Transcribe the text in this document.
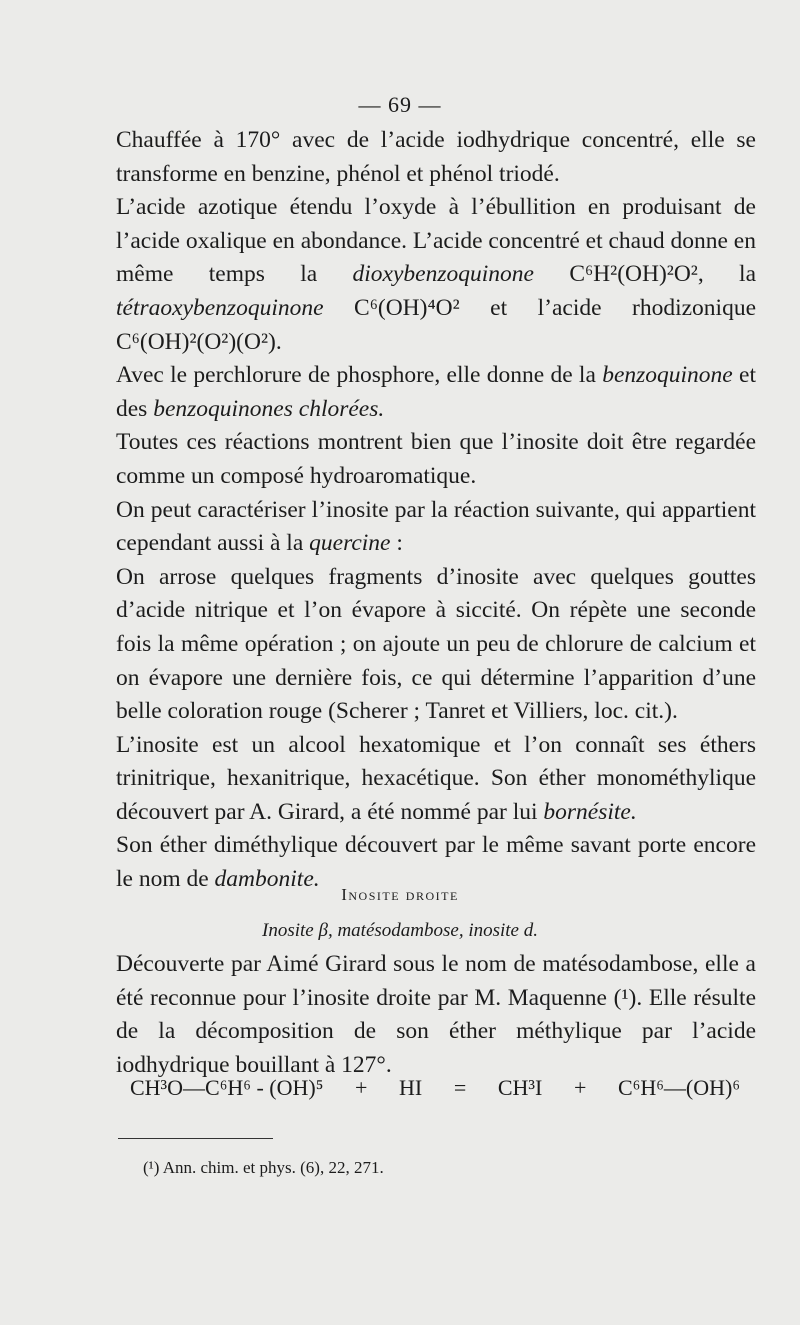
— 69 —

Chauffée à 170° avec de l’acide iodhydrique concentré, elle se transforme en benzine, phénol et phénol triodé.

L’acide azotique étendu l’oxyde à l’ébullition en produisant de l’acide oxalique en abondance. L’acide concentré et chaud donne en même temps la dioxybenzoquinone C⁶H²(OH)²O², la tétraoxybenzoquinone C⁶(OH)⁴O² et l’acide rhodizonique C⁶(OH)²(O²)(O²).

Avec le perchlorure de phosphore, elle donne de la benzoquinone et des benzoquinones chlorées.

Toutes ces réactions montrent bien que l’inosite doit être regardée comme un composé hydroaromatique.

On peut caractériser l’inosite par la réaction suivante, qui appartient cependant aussi à la quercine :

On arrose quelques fragments d’inosite avec quelques gouttes d’acide nitrique et l’on évapore à siccité. On répète une seconde fois la même opération ; on ajoute un peu de chlorure de calcium et on évapore une dernière fois, ce qui détermine l’apparition d’une belle coloration rouge (Scherer ; Tanret et Villiers, loc. cit.).

L’inosite est un alcool hexatomique et l’on connaît ses éthers trinitrique, hexanitrique, hexacétique. Son éther monométhylique découvert par A. Girard, a été nommé par lui bornésite.

Son éther diméthylique découvert par le même savant porte encore le nom de dambonite.

Inosite droite
Inosite β, matésodambose, inosite d.
Découverte par Aimé Girard sous le nom de matésodambose, elle a été reconnue pour l’inosite droite par M. Maquenne (¹). Elle résulte de la décomposition de son éther méthylique par l’acide iodhydrique bouillant à 127°.
CH³O—C⁶H⁶ - (OH)⁵ + HI = CH³I + C⁶H⁶—(OH)⁶
(¹) Ann. chim. et phys. (6), 22, 271.
